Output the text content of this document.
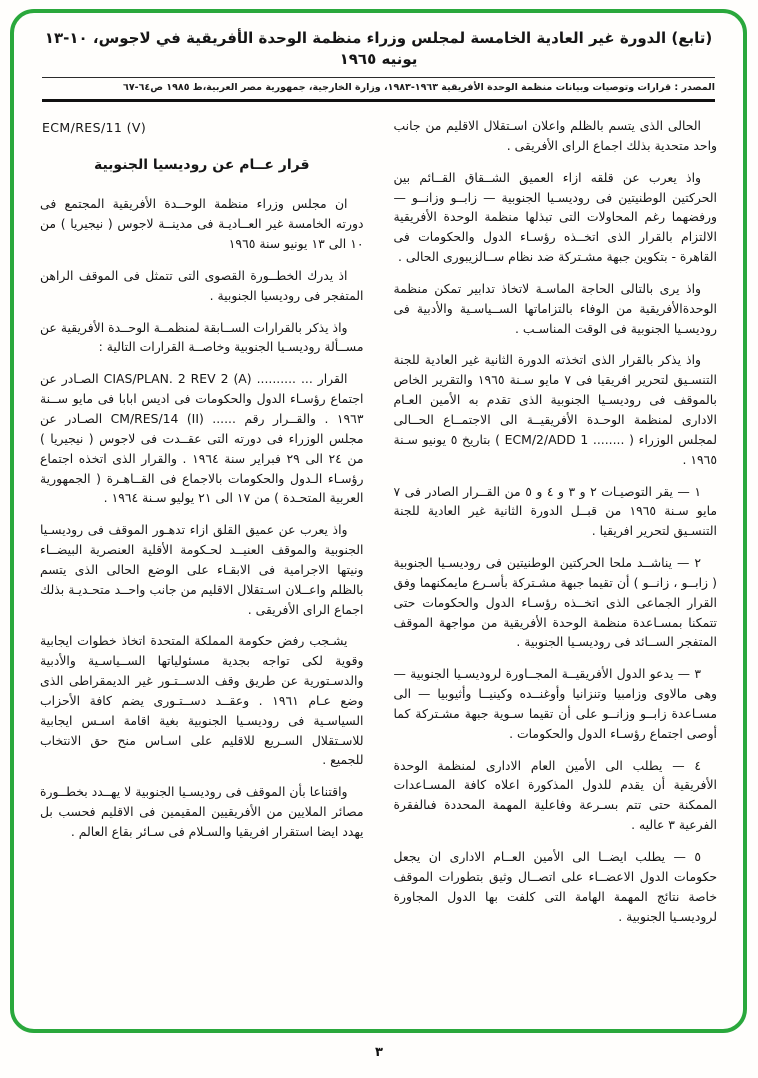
(تابع) الدورة غير العادية الخامسة لمجلس وزراء منظمة الوحدة الأفريقية في لاجوس، ١٠-١٣ يونيه ١٩٦٥
المصدر : قرارات وتوصيات وبيانات منظمة الوحدة الأفريقية ١٩٦٣-١٩٨٣، وزارة الخارجية، جمهورية مصر العربية،ط ١٩٨٥ ص٦٤-٦٧

الحالى الذى يتسم بالظلم واعلان اسـتقلال الاقليم من جانب واحد متحدية بذلك اجماع الراى الأفريقى .

واذ يعرب عن قلقه ازاء العميق الشــقاق القــائم بين الحركتين الوطنيتين فى روديسـيا الجنوبية — زابــو وزانــو — ورفضهما رغم المحاولات التى تبذلها منظمة الوحدة الأفريقية الالتزام بالقرار الذى اتخــذه رؤسـاء الدول والحكومات فى القاهرة - بتكوين جبهة مشـتركة ضد نظام ســالزيبورى الحالى .

واذ يرى بالتالى الحاجة الماسـة لاتخاذ تدابير تمكن منظمة الوحدةالأفريقية من الوفاء بالتزاماتها الســياسـية والأدبية فى روديسـيا الجنوبية فى الوقت المناسـب .

واذ يذكر بالقرار الذى اتخذته الدورة الثانية غير العادية للجنة التنسـيق لتحرير افريقيا فى ٧ مايو سـنة ١٩٦٥ والتقرير الخاص بالموقف فى روديسـيا الجنوبية الذى تقدم به الأمين العـام الادارى لمنظمة الوحـدة الأفريقيــة الى الاجتمــاع الحــالى لمجلس الوزراء ( ........ ECM/2/ADD 1 ) بتاريخ ٥ يونيو سـنة ١٩٦٥ .

١ — يقر التوصيـات ٢ و ٣ و ٤ و ٥ من القــرار الصادر فى ٧ مايو سـنة ١٩٦٥ من قبــل الدورة الثانية غير العادية للجنة التنسـيق لتحرير افريقيا .

٢ — يناشــد ملحا الحركتين الوطنيتين فى روديسـيا الجنوبية ( زابــو ، زانــو ) أن تقيما جبهة مشـتركة بأسـرع مايمكنهما وفق القرار الجماعى الذى اتخــذه رؤسـاء الدول والحكومات حتى تتمكنا بمسـاعدة منظمة الوحدة الأفريقية من مواجهة الموقف المتفجر الســائد فى روديسـيا الجنوبية .

٣ — يدعو الدول الأفريقيــة المجــاورة لروديسـيا الجنوبية — وهى مالاوى وزامبيا وتنزانيا وأوغنــده وكينيــا وأثيوبيا — الى مسـاعدة زابــو وزانــو على أن تقيما سـوية جبهة مشـتركة كما أوصى اجتماع رؤسـاء الدول والحكومات .

٤ — يطلب الى الأمين العام الادارى لمنظمة الوحدة الأفريقية أن يقدم للدول المذكورة اعلاه كافة المسـاعدات الممكنة حتى تتم بسـرعة وفاعلية المهمة المحددة فىالفقرة الفرعية ٣ عاليه .

٥ — يطلب ايضــا الى الأمين العــام الادارى ان يجعل حكومات الدول الاعضــاء على اتصــال وثيق بتطورات الموقف خاصة نتائج المهمة الهامة التى كلفت بها الدول المجاورة لروديسـيا الجنوبية .

ECM/RES/11 (V)
قرار عــام عن روديسيا الجنوبية

ان مجلس وزراء منظمة الوحــدة الأفريقية المجتمع فى دورته الخامسة غير العــاديـة فى مدينــة لاجوس ( نيجيريا ) من ١٠ الى ١٣ يونيو سنة ١٩٦٥

اذ يدرك الخطــورة القصوى التى تتمثل فى الموقف الراهن المتفجر فى روديسيا الجنوبية .

واذ يذكر بالقرارات الســابقة لمنظمــة الوحــدة الأفريقية عن مســألة روديسـيا الجنوبية وخاصــة القرارات التالية :

القرار ... .......... CIAS/PLAN. 2 REV 2 (A) الصـادر عن اجتماع رؤسـاء الدول والحكومات فى اديس ابابا فى مايو ســنة ١٩٦٣ . والقــرار رقم ...... CM/RES/14 (II) الصـادر عن مجلس الوزراء فى دورته التى عقــدت فى لاجوس ( نيجيريا ) من ٢٤ الى ٢٩ فبراير سنة ١٩٦٤ . والقرار الذى اتخذه اجتماع رؤسـاء الـدول والحكومات بالاجماع فى القــاهـرة ( الجمهورية العربية المتحـدة ) من ١٧ الى ٢١ يوليو سـنة ١٩٦٤ .

واذ يعرب عن عميق القلق ازاء تدهـور الموقف فى روديسـيا الجنوبية والموقف العنيــد لحـكومة الأقلية العنصرية البيضــاء ونيتها الاجرامية فى الابقـاء على الوضع الحالى الذى يتسم بالظلم واعــلان اسـتقلال الاقليم من جانب واحــد متحـديـة بذلك اجماع الراى الأفريقى .

يشـجب رفض حكومة المملكة المتحدة اتخاذ خطوات ايجابية وقوية لكى تواجه بجدية مسئولياتها الســياسـية والأدبية والدسـتورية عن طريق وقف الدســتـور غير الديمقراطى الذى وضع عـام ١٩٦١ . وعقــد دســتـورى يضم كافة الأحزاب السياسـية فى روديسـيا الجنوبية بغية اقامة اسـس ايجابية للاسـتقلال السـريع للاقليم على اسـاس منح حق الانتخاب للجميع .

واقتناعا بأن الموقف فى روديسـيا الجنوبية لا يهــدد بخطــورة مصائر الملايين من الأفريقيين المقيمين فى الاقليم فحسب بل يهدد ايضا استقرار افريقيا والسـلام فى سـائر بقاع العالم .

٣
